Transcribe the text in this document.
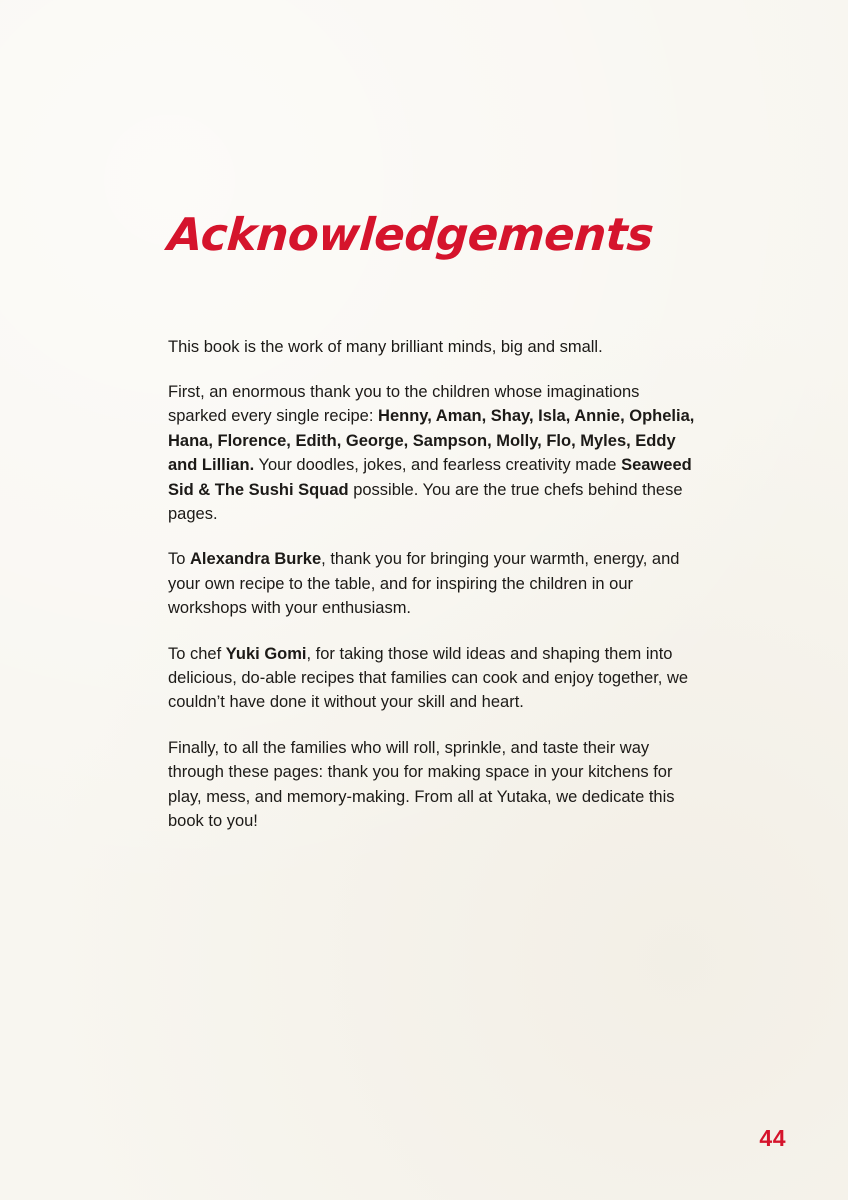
Acknowledgements

This book is the work of many brilliant minds, big and small.

First, an enormous thank you to the children whose imaginations sparked every single recipe: Henny, Aman, Shay, Isla, Annie, Ophelia, Hana, Florence, Edith, George, Sampson, Molly, Flo, Myles, Eddy and Lillian. Your doodles, jokes, and fearless creativity made Seaweed Sid & The Sushi Squad possible. You are the true chefs behind these pages.

To Alexandra Burke, thank you for bringing your warmth, energy, and your own recipe to the table, and for inspiring the children in our workshops with your enthusiasm.

To chef Yuki Gomi, for taking those wild ideas and shaping them into delicious, do-able recipes that families can cook and enjoy together, we couldn’t have done it without your skill and heart.

Finally, to all the families who will roll, sprinkle, and taste their way through these pages: thank you for making space in your kitchens for play, mess, and memory-making. From all at Yutaka, we dedicate this book to you!

44
